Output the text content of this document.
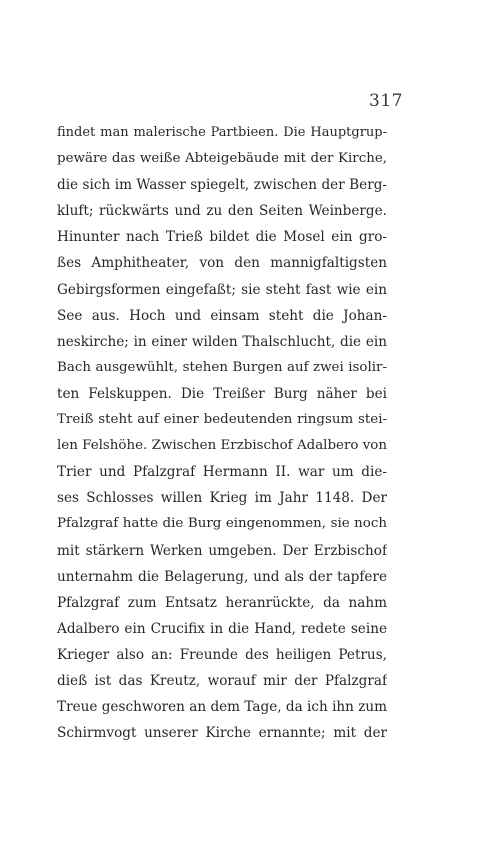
317
findet man malerische Partbieen. Die Hauptgrup-
pewäre das weiße Abteigebäude mit der Kirche,
die sich im Wasser spiegelt, zwischen der Berg-
kluft; rückwärts und zu den Seiten Weinberge.
Hinunter nach Trieß bildet die Mosel ein gro-
ßes Amphitheater, von den mannigfaltigsten
Gebirgsformen eingefaßt; sie steht fast wie ein
See aus. Hoch und einsam steht die Johan-
neskirche; in einer wilden Thalschlucht, die ein
Bach ausgewühlt, stehen Burgen auf zwei isolir-
ten Felskuppen. Die Treißer Burg näher bei
Treiß steht auf einer bedeutenden ringsum stei-
len Felshöhe. Zwischen Erzbischof Adalbero von
Trier und Pfalzgraf Hermann II. war um die-
ses Schlosses willen Krieg im Jahr 1148. Der
Pfalzgraf hatte die Burg eingenommen, sie noch
mit stärkern Werken umgeben. Der Erzbischof
unternahm die Belagerung, und als der tapfere
Pfalzgraf zum Entsatz heranrückte, da nahm
Adalbero ein Crucifix in die Hand, redete seine
Krieger also an: Freunde des heiligen Petrus,
dieß ist das Kreutz, worauf mir der Pfalzgraf
Treue geschworen an dem Tage, da ich ihn zum
Schirmvogt unserer Kirche ernannte; mit der
